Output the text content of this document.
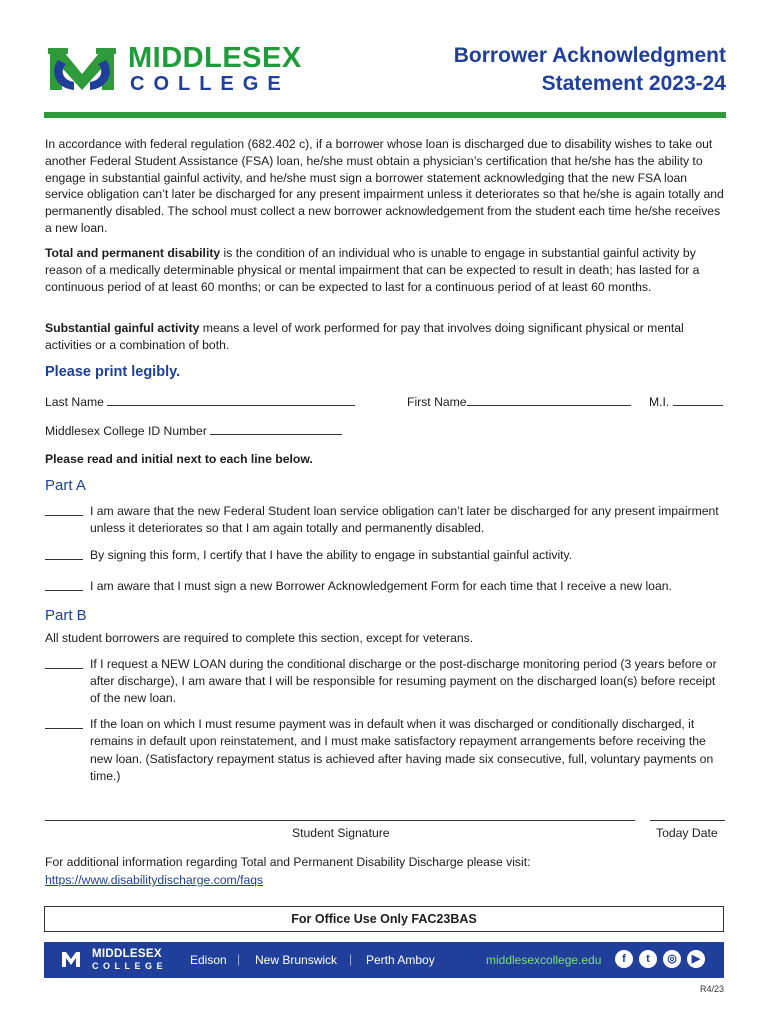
MIDDLESEX
COLLEGE
Borrower Acknowledgment
Statement 2023-24
In accordance with federal regulation (682.402 c), if a borrower whose loan is discharged due to disability wishes to take out another Federal Student Assistance (FSA) loan, he/she must obtain a physician’s certification that he/she has the ability to engage in substantial gainful activity, and he/she must sign a borrower statement acknowledging that the new FSA loan service obligation can’t later be discharged for any present impairment unless it deteriorates so that he/she is again totally and permanently disabled. The school must collect a new borrower acknowledgement from the student each time he/she receives a new loan.
Total and permanent disability is the condition of an individual who is unable to engage in substantial gainful activity by reason of a medically determinable physical or mental impairment that can be expected to result in death; has lasted for a continuous period of at least 60 months; or can be expected to last for a continuous period of at least 60 months.
Substantial gainful activity means a level of work performed for pay that involves doing significant physical or mental activities or a combination of both.
Please print legibly.
Last Name	First Name	M.I.
Middlesex College ID Number
Please read and initial next to each line below.
Part A
I am aware that the new Federal Student loan service obligation can’t later be discharged for any present impairment unless it deteriorates so that I am again totally and permanently disabled.
By signing this form, I certify that I have the ability to engage in substantial gainful activity.
I am aware that I must sign a new Borrower Acknowledgement Form for each time that I receive a new loan.
Part B
All student borrowers are required to complete this section, except for veterans.
If I request a NEW LOAN during the conditional discharge or the post-discharge monitoring period (3 years before or after discharge), I am aware that I will be responsible for resuming payment on the discharged loan(s) before receipt of the new loan.
If the loan on which I must resume payment was in default when it was discharged or conditionally discharged, it remains in default upon reinstatement, and I must make satisfactory repayment arrangements before receiving the new loan. (Satisfactory repayment status is achieved after having made six consecutive, full, voluntary payments on time.)
Student Signature	Today Date
For additional information regarding Total and Permanent Disability Discharge please visit:
https://www.disabilitydischarge.com/faqs
For Office Use Only FAC23BAS
MIDDLESEX
COLLEGE Edison | New Brunswick | Perth Amboy	middlesexcollege.edu	f	t	◎	▶
R4/23
